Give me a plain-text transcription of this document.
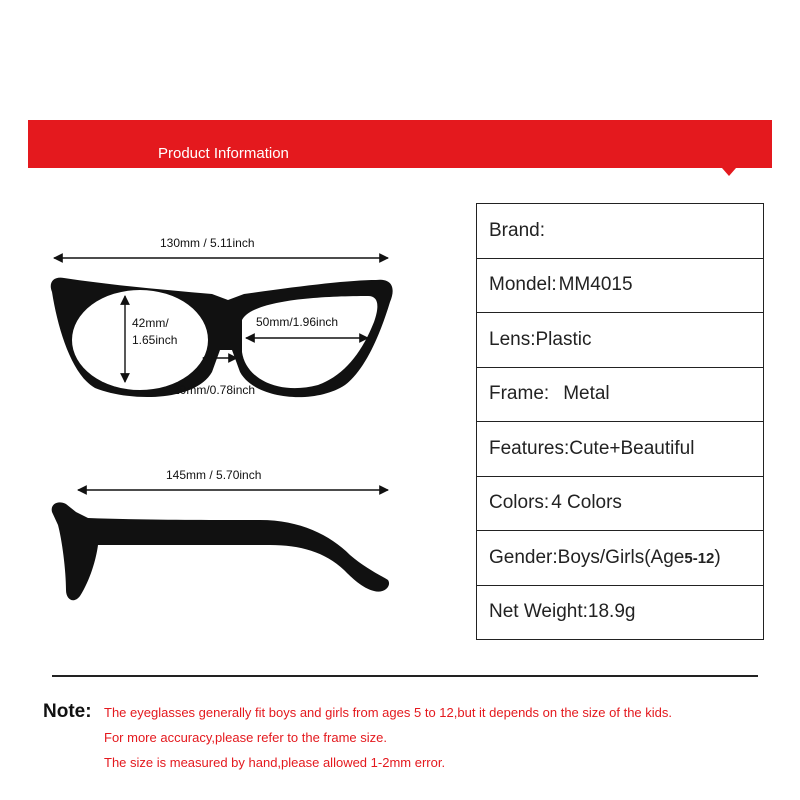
Product Information
130mm / 5.11inch
42mm/
1.65inch
50mm/1.96inch
20mm/0.78inch
145mm / 5.70inch
Brand:
Mondel: MM4015
Lens:Plastic
Frame: Metal
Features:Cute+Beautiful
Colors: 4 Colors
Gender:Boys/Girls(Age5-12)
Net Weight:18.9g
Note: The eyeglasses generally fit boys and girls from ages 5 to 12,but it depends on the size of the kids.
For more accuracy,please refer to the frame size.
The size is measured by hand,please allowed 1-2mm error.
